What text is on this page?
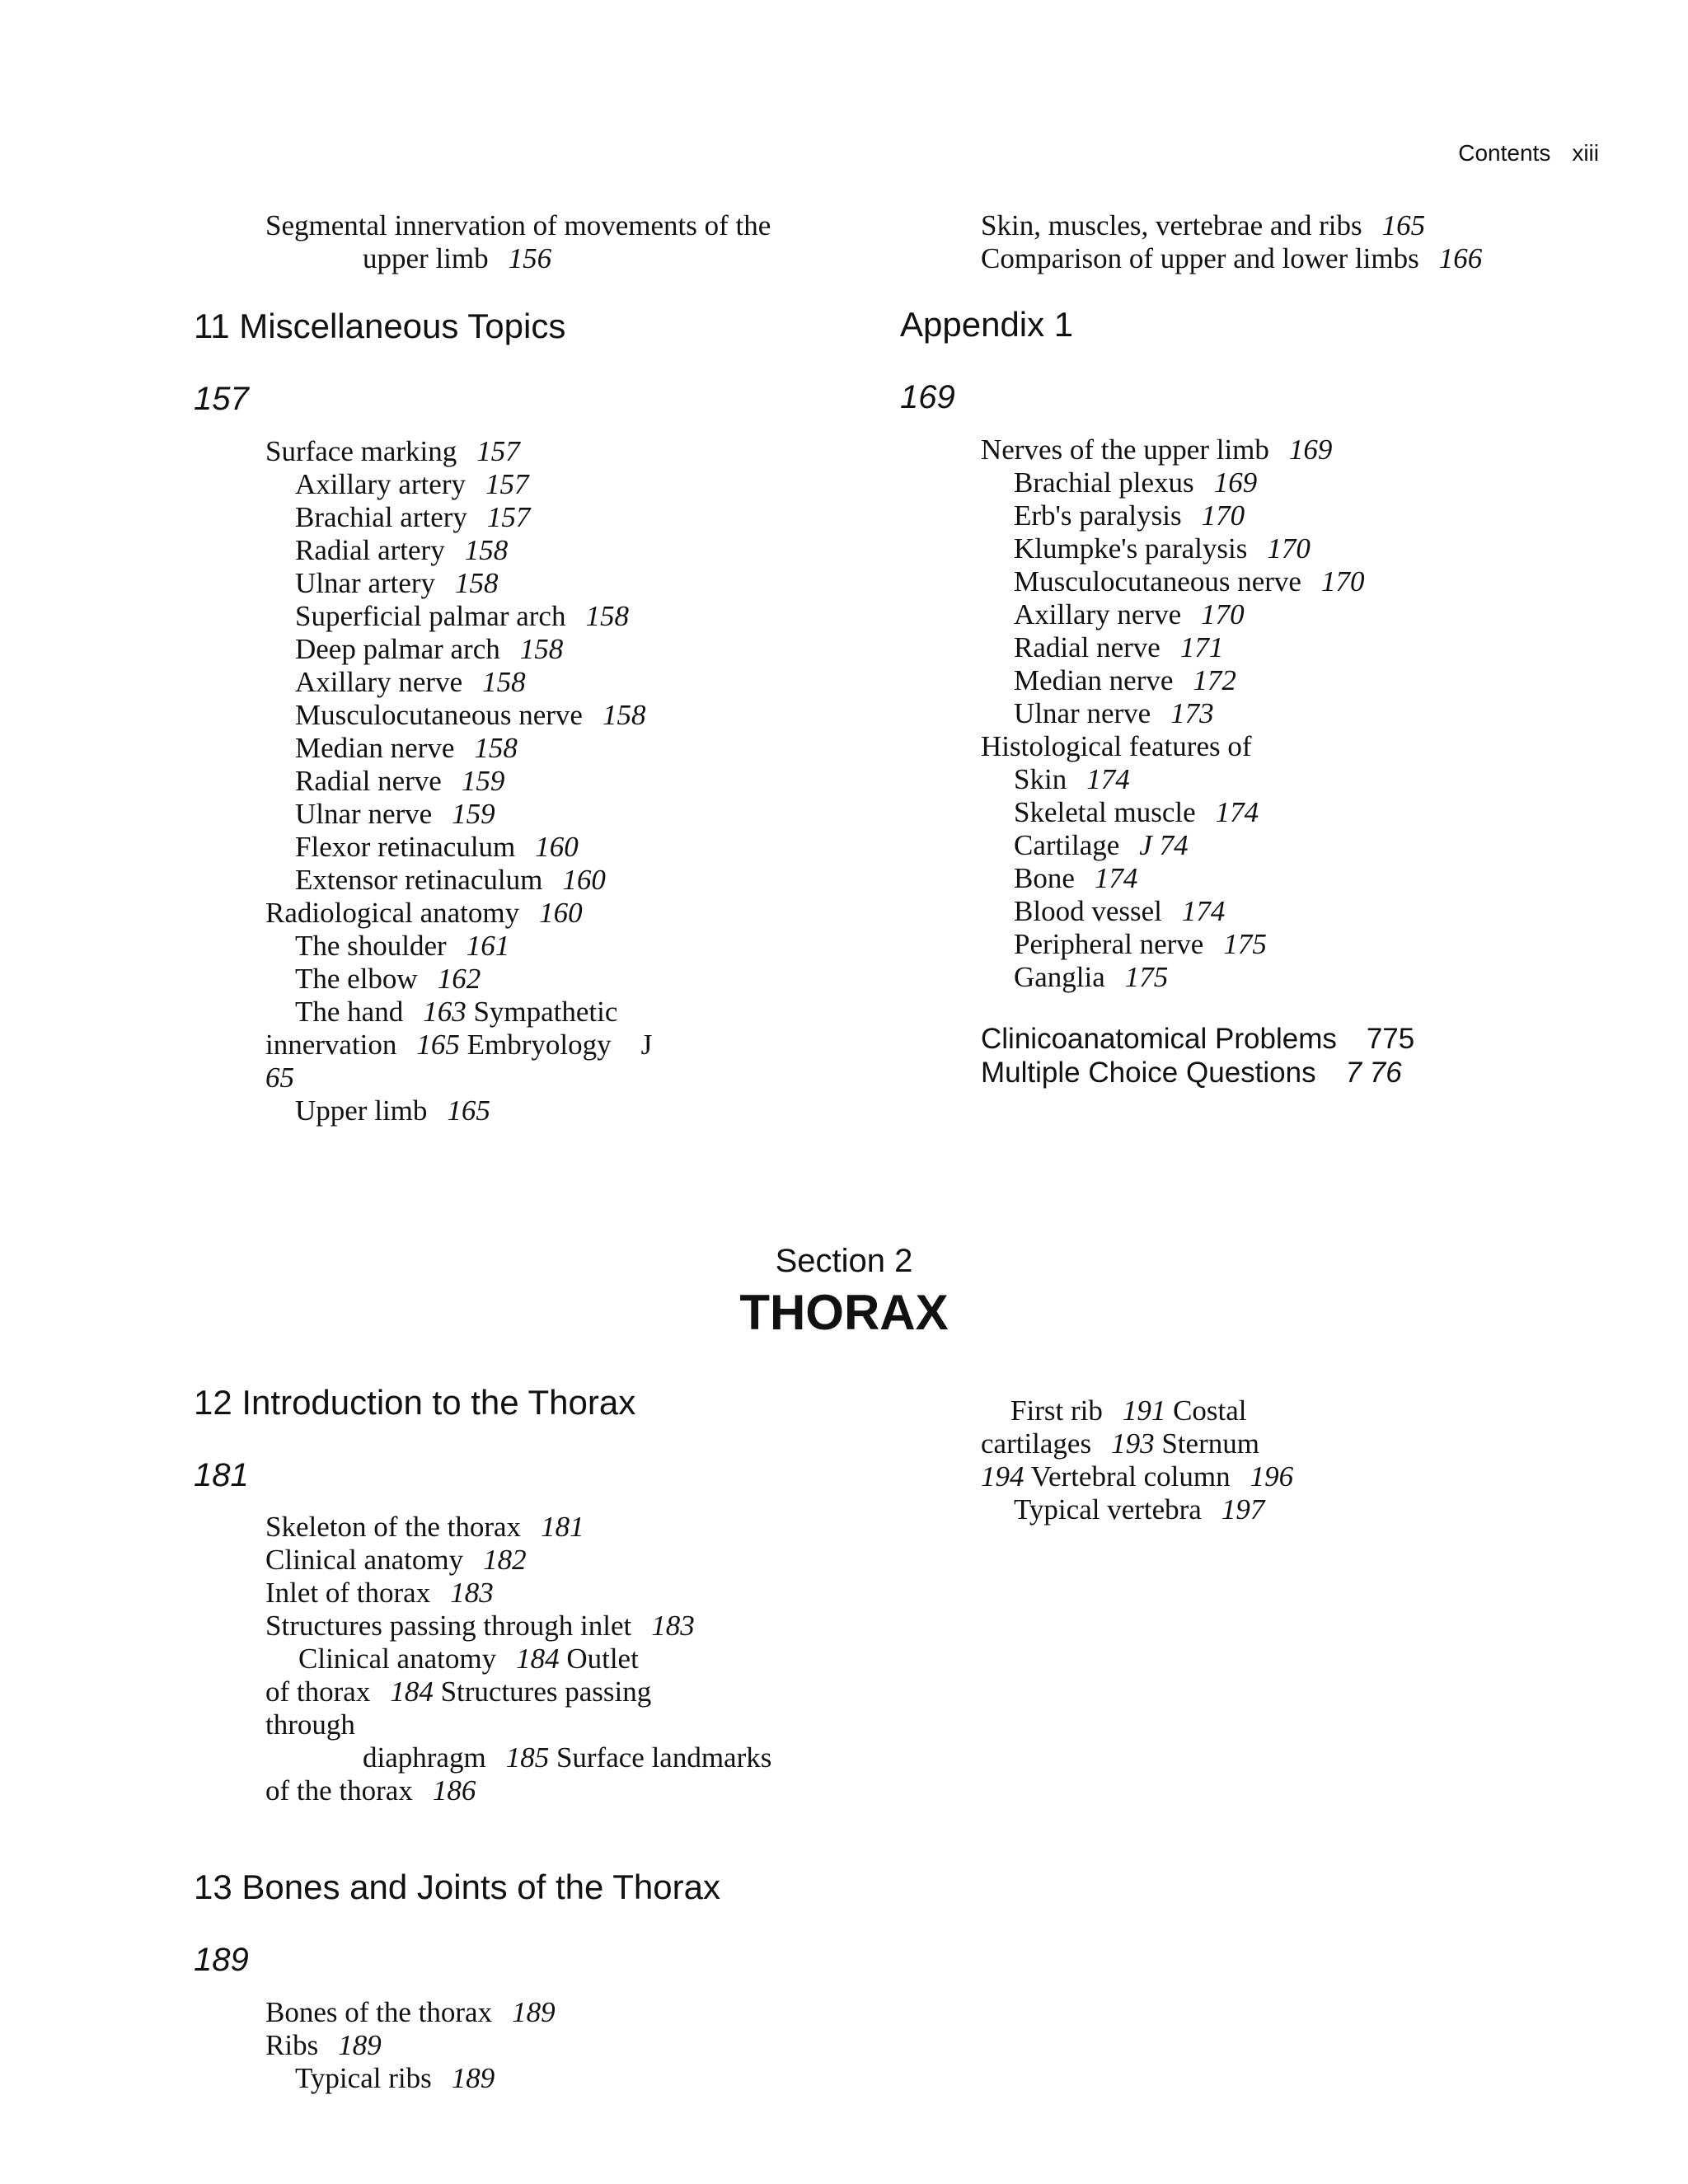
Contents xiii
Segmental innervation of movements of the
upper limb 156
Skin, muscles, vertebrae and ribs 165
Comparison of upper and lower limbs 166
11 Miscellaneous Topics
157
Surface marking 157
Axillary artery 157
Brachial artery 157
Radial artery 158
Ulnar artery 158
Superficial palmar arch 158
Deep palmar arch 158
Axillary nerve 158
Musculocutaneous nerve 158
Median nerve 158
Radial nerve 159
Ulnar nerve 159
Flexor retinaculum 160
Extensor retinaculum 160
Radiological anatomy 160
The shoulder 161
The elbow 162
The hand 163 Sympathetic
innervation 165 Embryology J
65
Upper limb 165
Appendix 1
169
Nerves of the upper limb 169
Brachial plexus 169
Erb's paralysis 170
Klumpke's paralysis 170
Musculocutaneous nerve 170
Axillary nerve 170
Radial nerve 171
Median nerve 172
Ulnar nerve 173
Histological features of
Skin 174
Skeletal muscle 174
Cartilage J 74
Bone 174
Blood vessel 174
Peripheral nerve 175
Ganglia 175
Clinicoanatomical Problems 775
Multiple Choice Questions 7 76
Section 2
THORAX
12 Introduction to the Thorax
181
Skeleton of the thorax 181
Clinical anatomy 182
Inlet of thorax 183
Structures passing through inlet 183
Clinical anatomy 184 Outlet
of thorax 184 Structures passing
through
diaphragm 185 Surface landmarks
of the thorax 186
First rib 191 Costal
cartilages 193 Sternum
194 Vertebral column 196
Typical vertebra 197
13 Bones and Joints of the Thorax
189
Bones of the thorax 189
Ribs 189
Typical ribs 189
